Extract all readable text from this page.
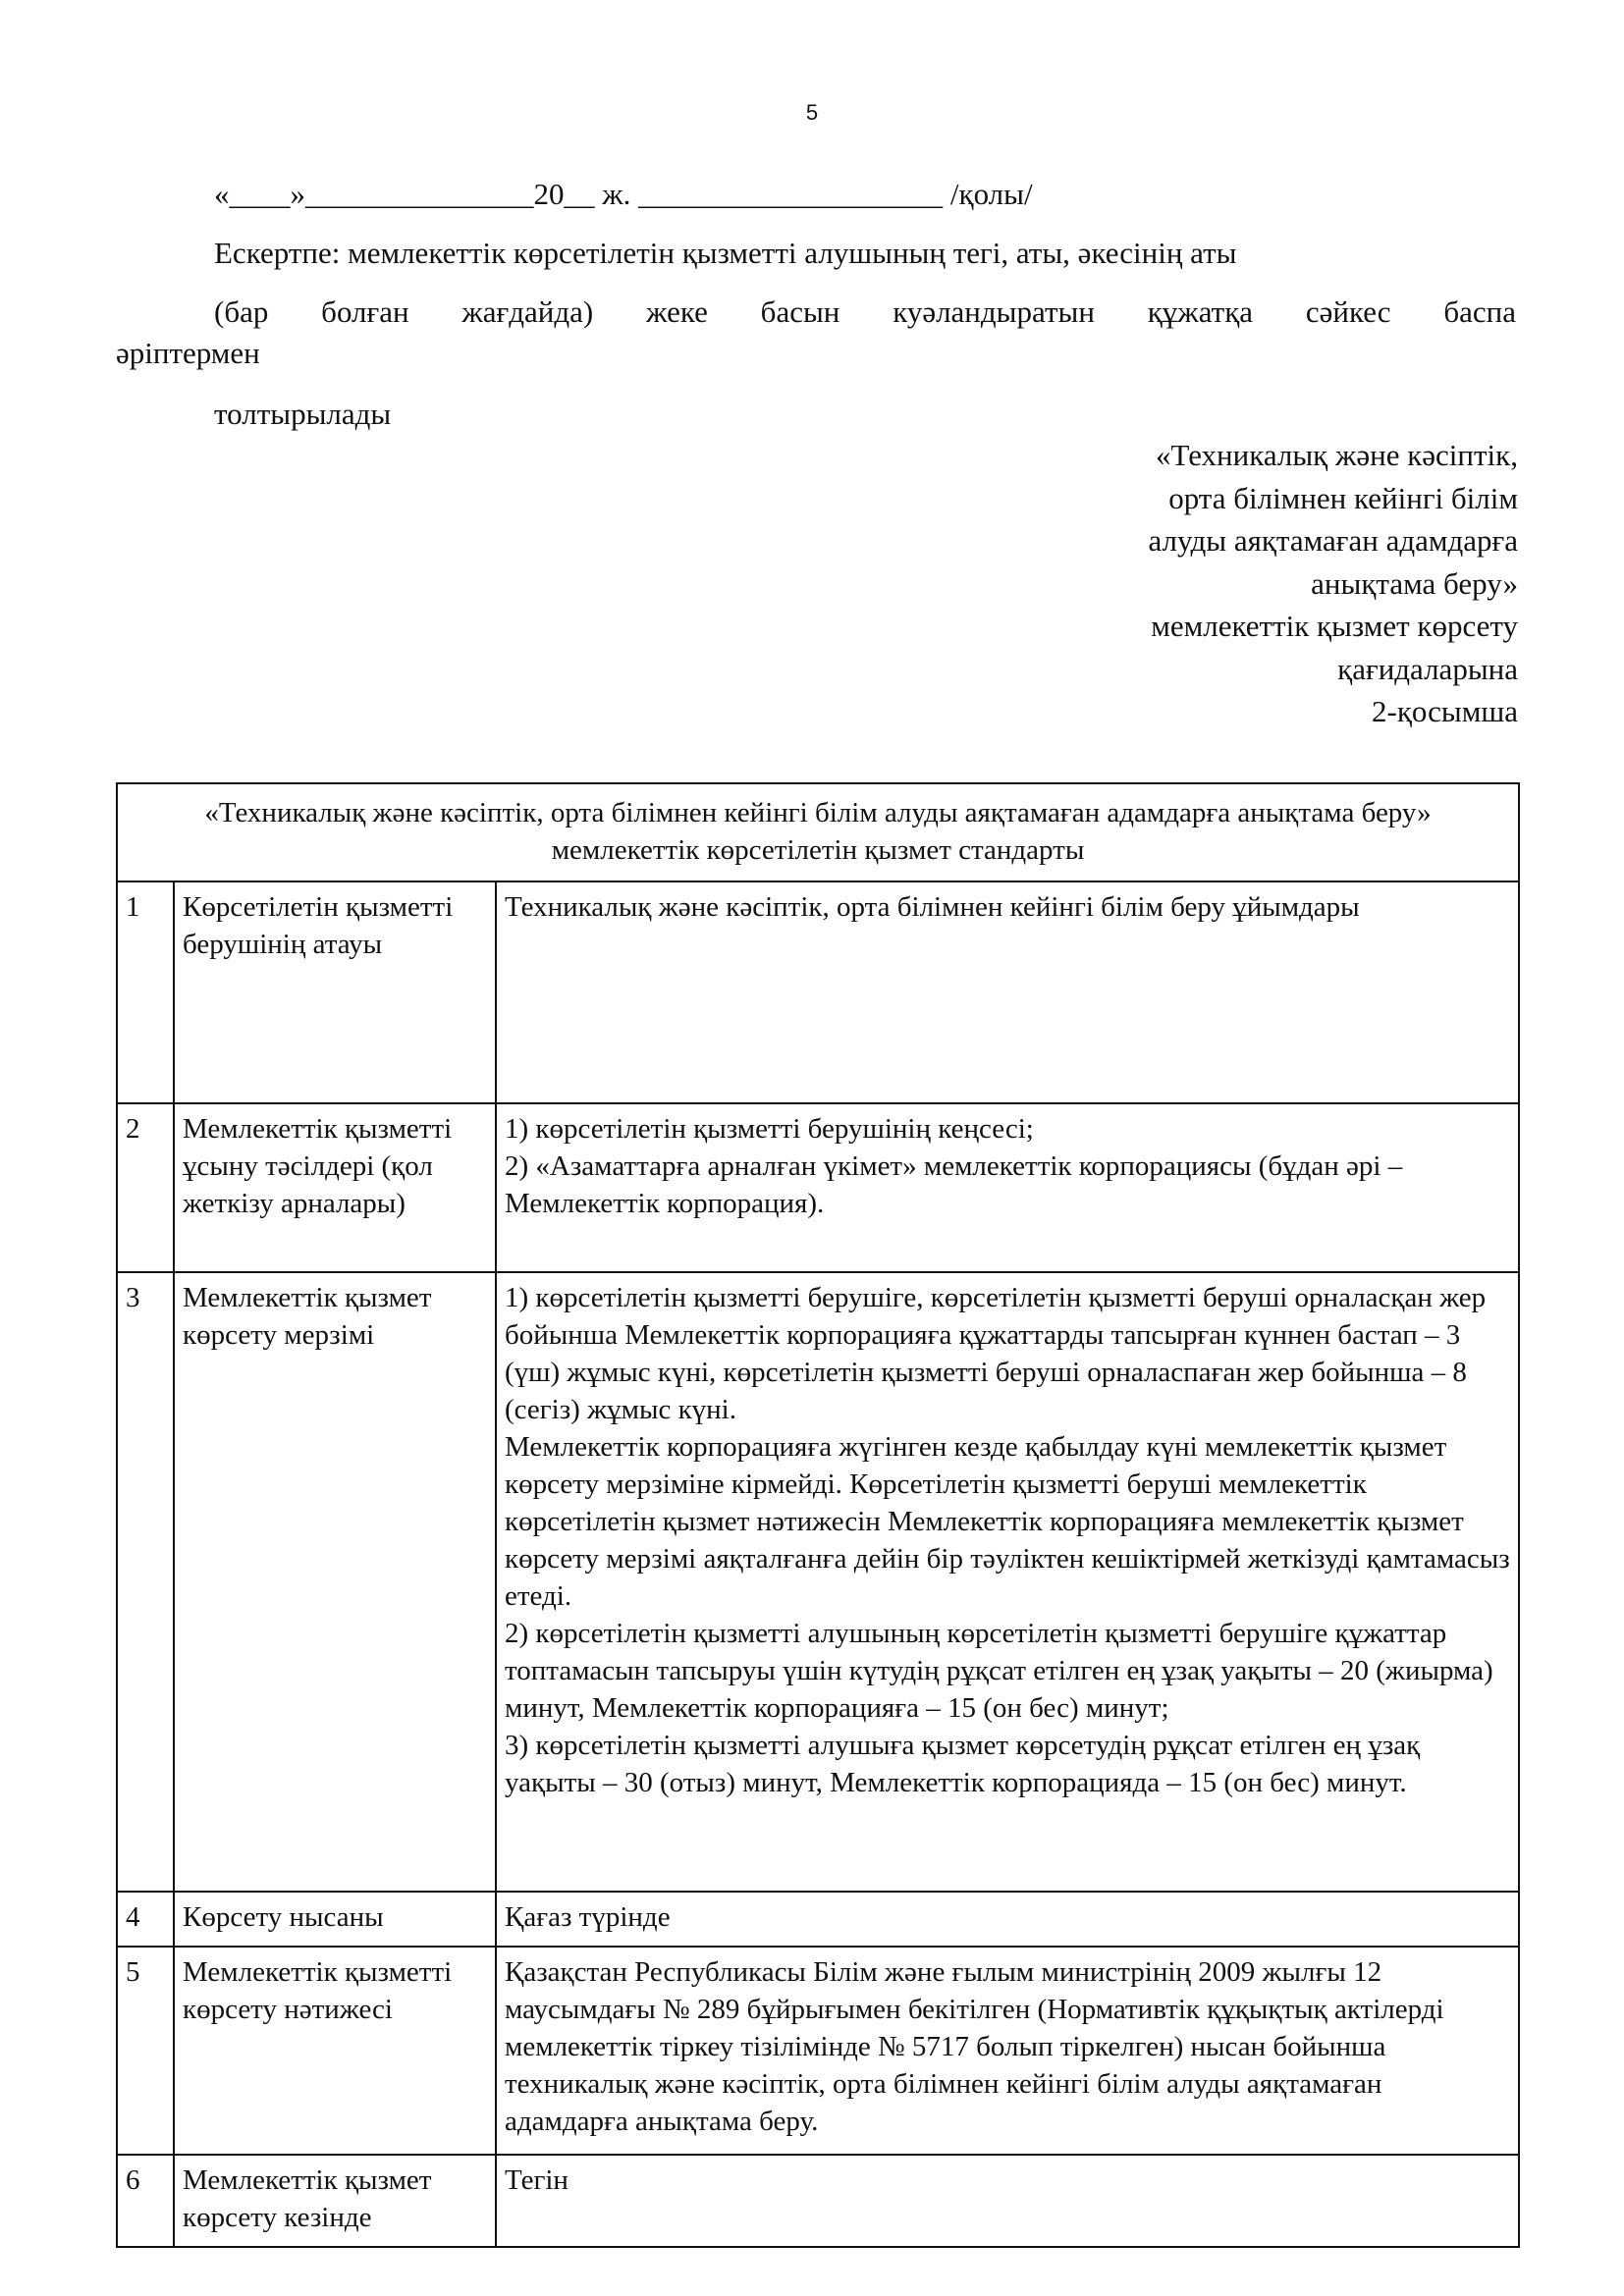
5
«____»_______________20__ ж. ____________________ /қолы/
Ескертпе: мемлекеттік көрсетілетін қызметті алушының тегі, аты, әкесінің аты
(бар болған жағдайда) жеке басын куәландыратын құжатқа сәйкес баспа
әріптермен
толтырылады
«Техникалық және кәсіптік,
орта білімнен кейінгі білім
алуды аяқтамаған адамдарға
анықтама беру»
мемлекеттік қызмет көрсету
қағидаларына
2-қосымша
«Техникалық және кәсіптік, орта білімнен кейінгі білім алуды аяқтамаған адамдарға анықтама беру» мемлекеттік көрсетілетін қызмет стандарты		
1	Көрсетілетін қызметті берушінің атауы	Техникалық және кәсіптік, орта білімнен кейінгі білім беру ұйымдары

2	Мемлекеттік қызметті ұсыну тәсілдері (қол жеткізу арналары)	1) көрсетілетін қызметті берушінің кеңсесі;

2) «Азаматтарға арналған үкімет» мемлекеттік корпорациясы (бұдан әрі – Мемлекеттік корпорация).

3	Мемлекеттік қызмет көрсету мерзімі	1) көрсетілетін қызметті берушіге, көрсетілетін қызметті беруші орналасқан жер бойынша Мемлекеттік корпорацияға құжаттарды тапсырған күннен бастап – 3 (үш) жұмыс күні, көрсетілетін қызметті беруші орналаспаған жер бойынша – 8 (сегіз) жұмыс күні.

Мемлекеттік корпорацияға жүгінген кезде қабылдау күні мемлекеттік қызмет көрсету мерзіміне кірмейді. Көрсетілетін қызметті беруші мемлекеттік көрсетілетін қызмет нәтижесін Мемлекеттік корпорацияға мемлекеттік қызмет көрсету мерзімі аяқталғанға дейін бір тәуліктен кешіктірмей жеткізуді қамтамасыз етеді.

2) көрсетілетін қызметті алушының көрсетілетін қызметті берушіге құжаттар топтамасын тапсыруы үшін күтудің рұқсат етілген ең ұзақ уақыты – 20 (жиырма) минут, Мемлекеттік корпорацияға – 15 (он бес) минут;

3) көрсетілетін қызметті алушыға қызмет көрсетудің рұқсат етілген ең ұзақ уақыты – 30 (отыз) минут, Мемлекеттік корпорацияда – 15 (он бес) минут.

4	Көрсету нысаны	Қағаз түрінде

5	Мемлекеттік қызметті көрсету нәтижесі	Қазақстан Республикасы Білім және ғылым министрінің 2009 жылғы 12 маусымдағы № 289 бұйрығымен бекітілген (Нормативтік құқықтық актілерді мемлекеттік тіркеу тізілімінде № 5717 болып тіркелген) нысан бойынша техникалық және кәсіптік, орта білімнен кейінгі білім алуды аяқтамаған адамдарға анықтама беру.

6	Мемлекеттік қызмет көрсету кезінде	Тегін
